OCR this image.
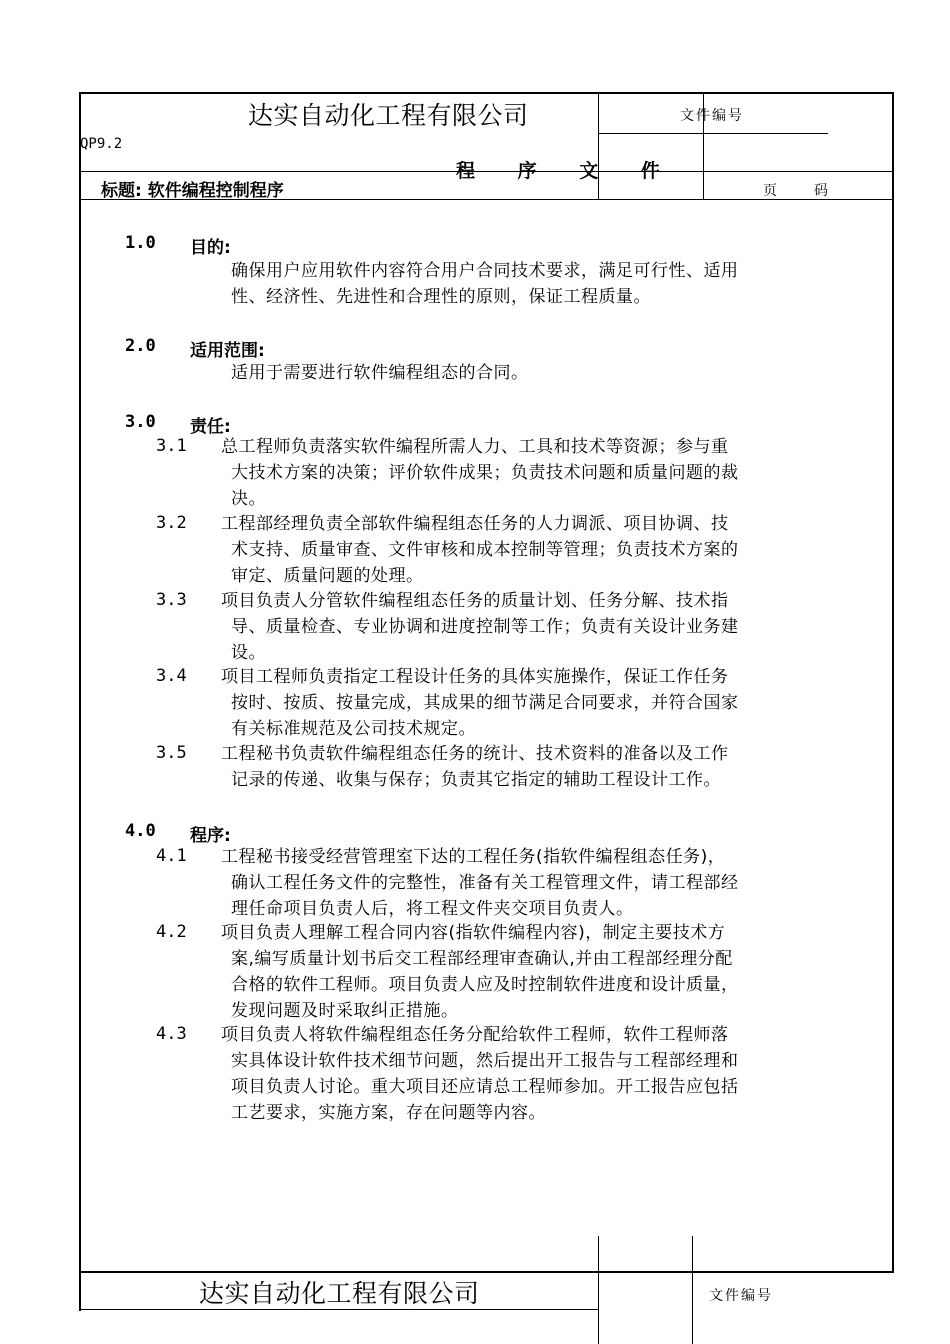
达实自动化工程有限公司
QP9.2
程 序 文 件
文件编号
标题: 软件编程控制程序	页　　码
1.0 目的:

确保用户应用软件内容符合用户合同技术要求，满足可行性、适用

性、经济性、先进性和合理性的原则，保证工程质量。

2.0 适用范围:

适用于需要进行软件编程组态的合同。

3.0 责任:
3.1 总工程师负责落实软件编程所需人力、工具和技术等资源；参与重

大技术方案的决策；评价软件成果；负责技术问题和质量问题的裁

决。

3.2 工程部经理负责全部软件编程组态任务的人力调派、项目协调、技

术支持、质量审查、文件审核和成本控制等管理；负责技术方案的

审定、质量问题的处理。

3.3 项目负责人分管软件编程组态任务的质量计划、任务分解、技术指

导、质量检查、专业协调和进度控制等工作；负责有关设计业务建

设。

3.4 项目工程师负责指定工程设计任务的具体实施操作，保证工作任务

按时、按质、按量完成，其成果的细节满足合同要求，并符合国家

有关标准规范及公司技术规定。

3.5 工程秘书负责软件编程组态任务的统计、技术资料的准备以及工作

记录的传递、收集与保存；负责其它指定的辅助工程设计工作。

4.0 程序:
4.1 工程秘书接受经营管理室下达的工程任务(指软件编程组态任务)，

确认工程任务文件的完整性，准备有关工程管理文件，请工程部经

理任命项目负责人后，将工程文件夹交项目负责人。

4.2 项目负责人理解工程合同内容(指软件编程内容)，制定主要技术方

案,编写质量计划书后交工程部经理审查确认,并由工程部经理分配

合格的软件工程师。项目负责人应及时控制软件进度和设计质量，

发现问题及时采取纠正措施。

4.3 项目负责人将软件编程组态任务分配给软件工程师，软件工程师落

实具体设计软件技术细节问题，然后提出开工报告与工程部经理和

项目负责人讨论。重大项目还应请总工程师参加。开工报告应包括

工艺要求，实施方案，存在问题等内容。

达实自动化工程有限公司	文件编号
